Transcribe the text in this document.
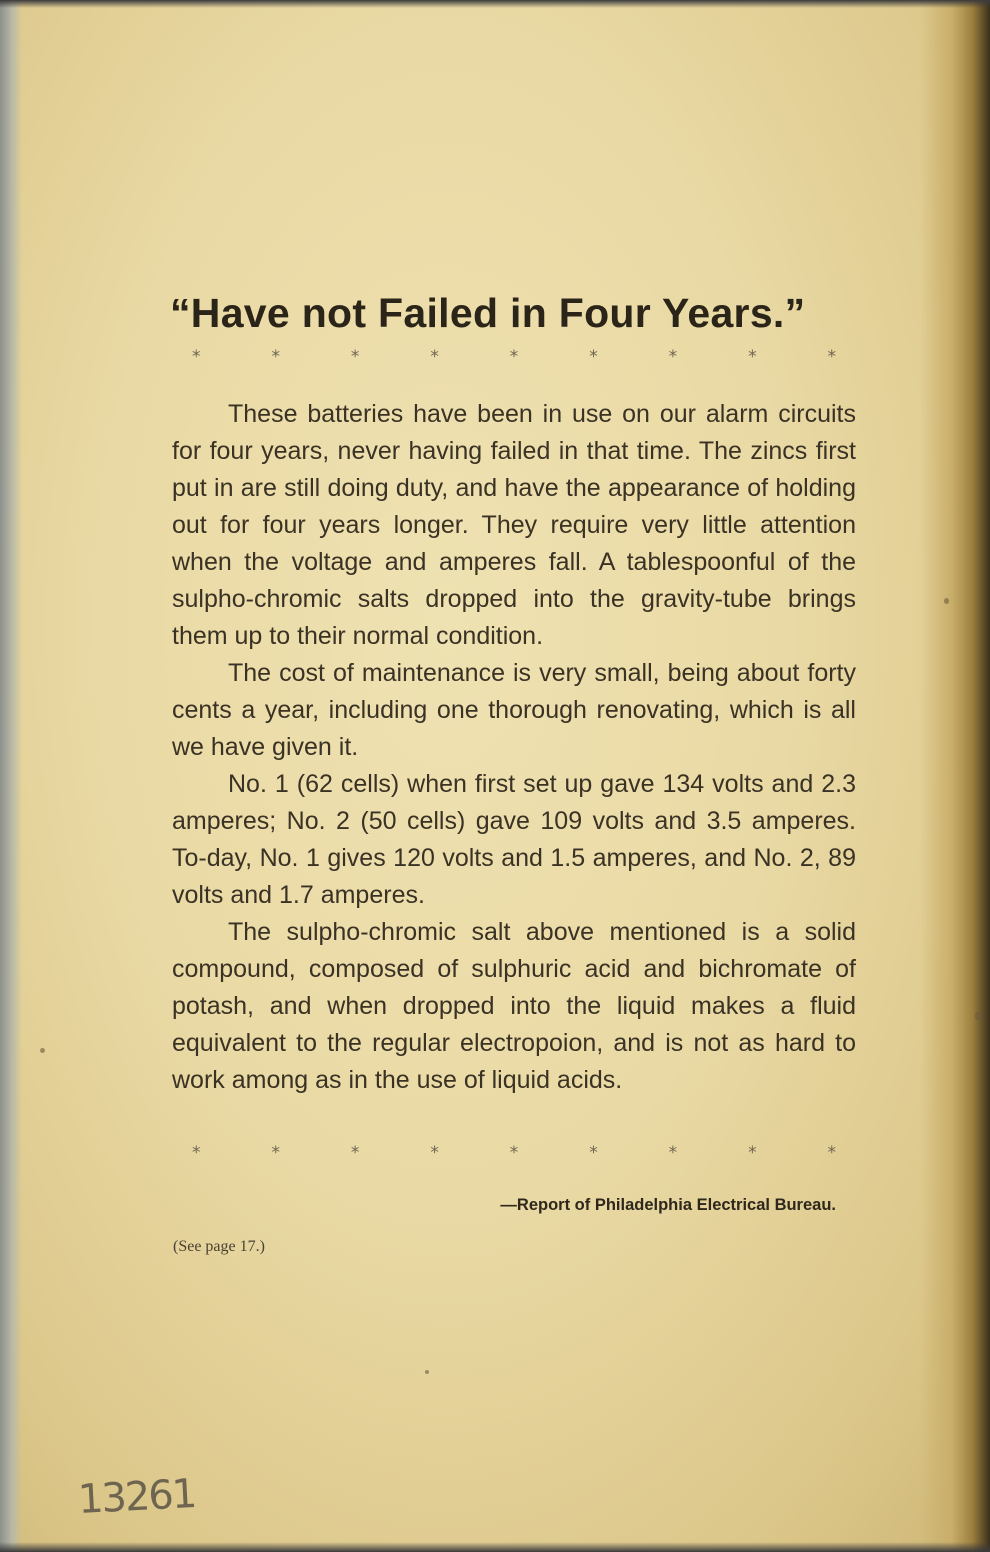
“Have not Failed in Four Years.”
*	*	*	*	*	*	*	*	*

These batteries have been in use on our alarm circuits for four years, never having failed in that time. The zincs first put in are still doing duty, and have the appearance of holding out for four years longer. They require very little attention when the voltage and amperes fall. A tablespoonful of the sulpho-chromic salts dropped into the gravity-tube brings them up to their normal condition.

The cost of maintenance is very small, being about forty cents a year, including one thorough renovating, which is all we have given it.

No. 1 (62 cells) when first set up gave 134 volts and 2.3 amperes; No. 2 (50 cells) gave 109 volts and 3.5 amperes. To-day, No. 1 gives 120 volts and 1.5 amperes, and No. 2, 89 volts and 1.7 amperes.

The sulpho-chromic salt above mentioned is a solid compound, composed of sulphuric acid and bichromate of potash, and when dropped into the liquid makes a fluid equivalent to the regular electropoion, and is not as hard to work among as in the use of liquid acids.

*	*	*	*	*	*	*	*	*

—Report of Philadelphia Electrical Bureau.

(See page 17.)

13261
